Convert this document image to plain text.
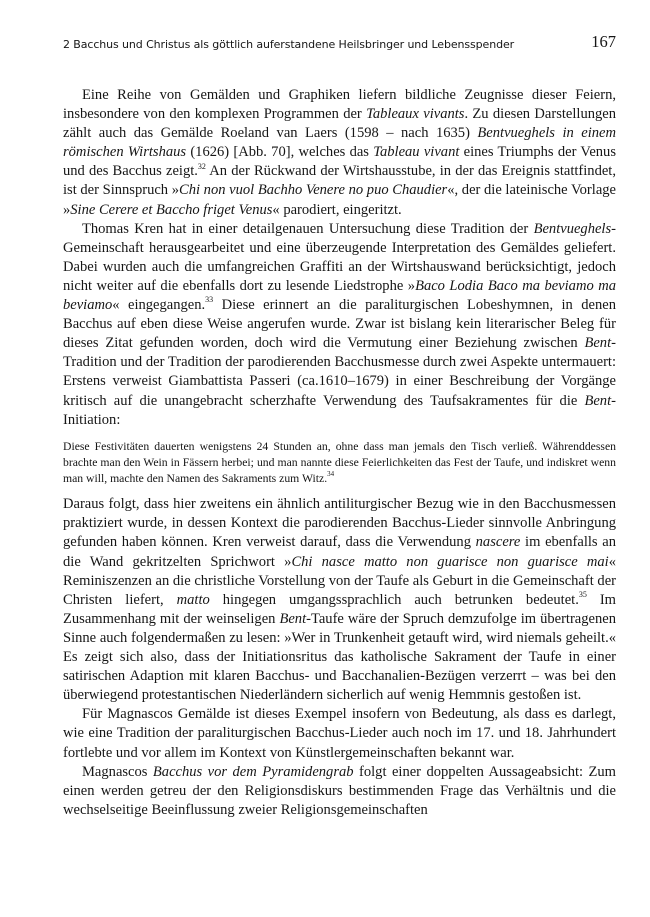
2 Bacchus und Christus als göttlich auferstandene Heilsbringer und Lebensspender	167

Eine Reihe von Gemälden und Graphiken liefern bildliche Zeugnisse dieser Feiern, insbesondere von den komplexen Programmen der Tableaux vivants. Zu diesen Darstellungen zählt auch das Gemälde Roeland van Laers (1598 – nach 1635) Bentvueghels in einem römischen Wirtshaus (1626) [Abb. 70], welches das Tableau vivant eines Triumphs der Venus und des Bacchus zeigt.$^{32}$ An der Rückwand der Wirtshausstube, in der das Ereignis stattfindet, ist der Sinnspruch »Chi non vuol Bachho Venere no puo Chaudier«, der die lateinische Vorlage »Sine Cerere et Baccho friget Venus« parodiert, eingeritzt.

Thomas Kren hat in einer detailgenauen Untersuchung diese Tradition der Bentvueghels-Gemeinschaft herausgearbeitet und eine überzeugende Interpretation des Gemäldes geliefert. Dabei wurden auch die umfangreichen Graffiti an der Wirtshauswand berücksichtigt, jedoch nicht weiter auf die ebenfalls dort zu lesende Liedstrophe »Baco Lodia Baco ma beviamo ma beviamo« eingegangen.$^{33}$ Diese erinnert an die paraliturgischen Lobeshymnen, in denen Bacchus auf eben diese Weise angerufen wurde. Zwar ist bislang kein literarischer Beleg für dieses Zitat gefunden worden, doch wird die Vermutung einer Beziehung zwischen Bent-Tradition und der Tradition der parodierenden Bacchusmesse durch zwei Aspekte untermauert: Erstens verweist Giambattista Passeri (ca.1610–1679) in einer Beschreibung der Vorgänge kritisch auf die unangebracht scherzhafte Verwendung des Taufsakramentes für die Bent-Initiation:

Diese Festivitäten dauerten wenigstens 24 Stunden an, ohne dass man jemals den Tisch verließ. Währenddessen brachte man den Wein in Fässern herbei; und man nannte diese Feierlichkeiten das Fest der Taufe, und indiskret wenn man will, machte den Namen des Sakraments zum Witz.$^{34}$

Daraus folgt, dass hier zweitens ein ähnlich antiliturgischer Bezug wie in den Bacchusmessen praktiziert wurde, in dessen Kontext die parodierenden Bacchus-Lieder sinnvolle Anbringung gefunden haben können. Kren verweist darauf, dass die Verwendung nascere im ebenfalls an die Wand gekritzelten Sprichwort »Chi nasce matto non guarisce non guarisce mai« Reminiszenzen an die christliche Vorstellung von der Taufe als Geburt in die Gemeinschaft der Christen liefert, matto hingegen umgangssprachlich auch betrunken bedeutet.$^{35}$ Im Zusammenhang mit der weinseligen Bent-Taufe wäre der Spruch demzufolge im übertragenen Sinne auch folgendermaßen zu lesen: »Wer in Trunkenheit getauft wird, wird niemals geheilt.« Es zeigt sich also, dass der Initiationsritus das katholische Sakrament der Taufe in einer satirischen Adaption mit klaren Bacchus- und Bacchanalien-Bezügen verzerrt – was bei den überwiegend protestantischen Niederländern sicherlich auf wenig Hemmnis gestoßen ist.

Für Magnascos Gemälde ist dieses Exempel insofern von Bedeutung, als dass es darlegt, wie eine Tradition der paraliturgischen Bacchus-Lieder auch noch im 17. und 18. Jahrhundert fortlebte und vor allem im Kontext von Künstlergemeinschaften bekannt war.

Magnascos Bacchus vor dem Pyramidengrab folgt einer doppelten Aussageabsicht: Zum einen werden getreu der den Religionsdiskurs bestimmenden Frage das Verhältnis und die wechselseitige Beeinflussung zweier Religionsgemeinschaften
